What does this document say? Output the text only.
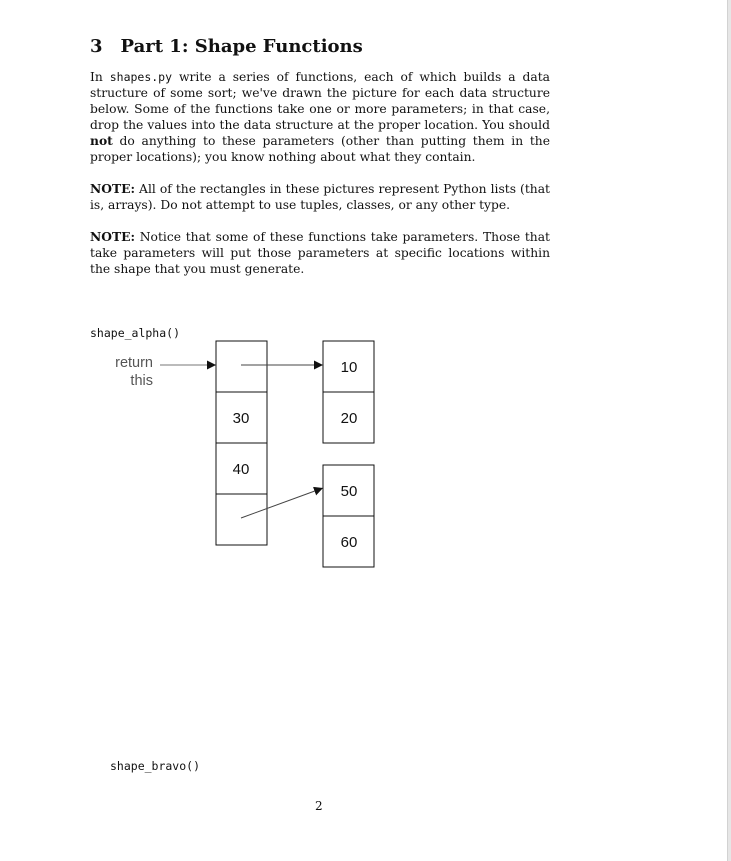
3 Part 1: Shape Functions
In shapes.py write a series of functions, each of which builds a data structure of some sort; we've drawn the picture for each data structure below. Some of the functions take one or more parameters; in that case, drop the values into the data structure at the proper location. You should not do anything to these parameters (other than putting them in the proper locations); you know nothing about what they contain.
NOTE: All of the rectangles in these pictures represent Python lists (that is, arrays). Do not attempt to use tuples, classes, or any other type.
NOTE: Notice that some of these functions take parameters. Those that take parameters will put those parameters at specific locations within the shape that you must generate.
shape_alpha()
return
this
30
40
10
20
50
60
shape_bravo()
2
